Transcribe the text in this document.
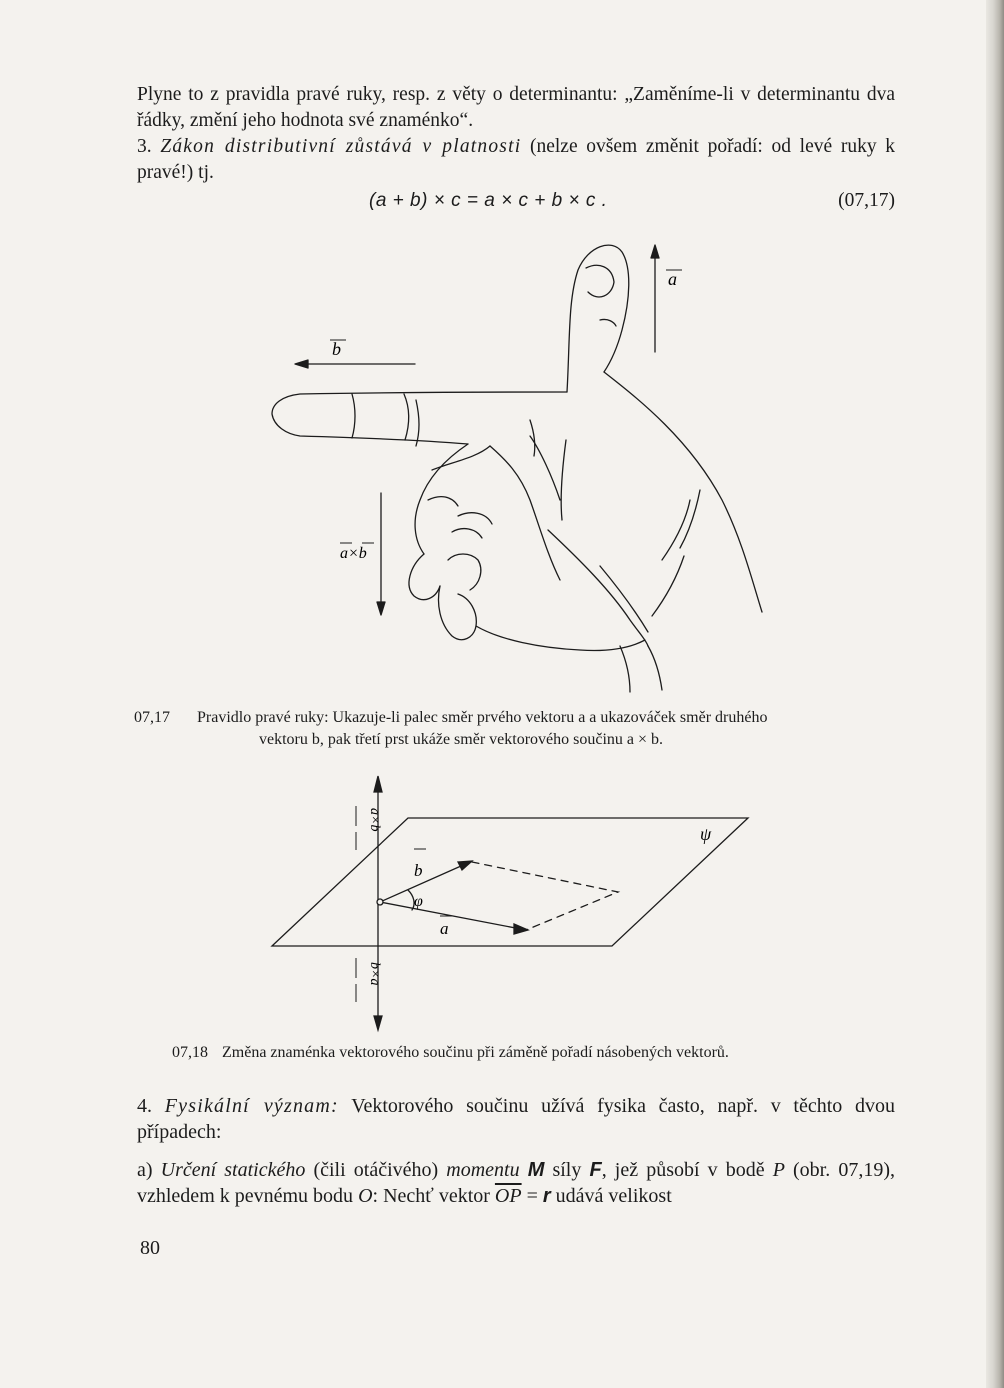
Plyne to z pravidla pravé ruky, resp. z věty o determinantu: „Zaměníme-li v determinantu dva řádky, změní jeho hodnota své znaménko“.

3. Zákon distributivní zůstává v platnosti (nelze ovšem změnit pořadí: od levé ruky k pravé!) tj.

(a + b) × c = a × c + b × c .	(07,17)
a
b
a×b
a×b
b×a
b
a
φ
ψ
07,17 Pravidlo pravé ruky: Ukazuje-li palec směr prvého vektoru a a ukazováček směr druhého
vektoru b, pak třetí prst ukáže směr vektorového součinu a × b.
07,18 Změna znaménka vektorového součinu při záměně pořadí násobených vektorů.

4. Fysikální význam: Vektorového součinu užívá fysika často, např. v těchto dvou případech:

a) Určení statického (čili otáčivého) momentu M síly F, jež působí v bodě P (obr. 07,19), vzhledem k pevnému bodu O: Nechť vektor $\overline{OP} = r$ udává velikost

80
